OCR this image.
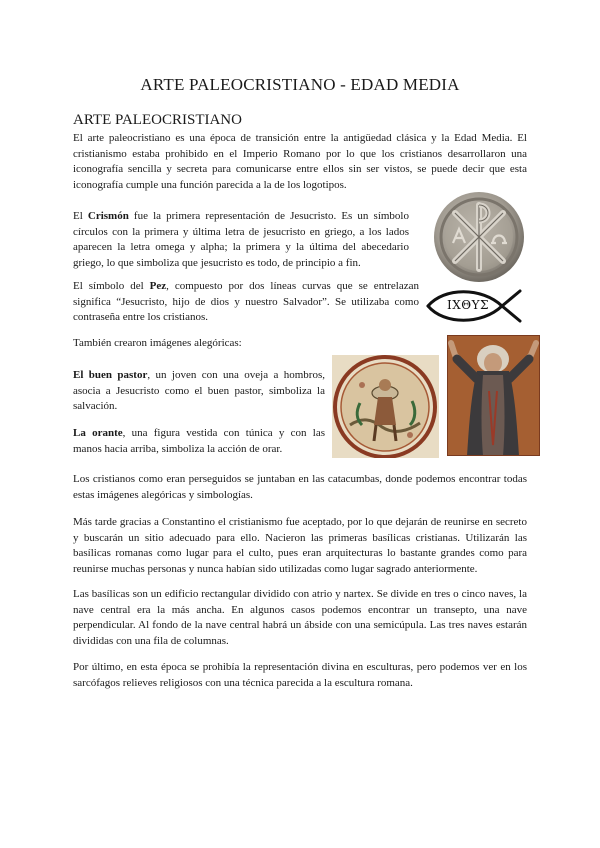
ARTE PALEOCRISTIANO - EDAD MEDIA
ARTE PALEOCRISTIANO

El arte paleocristiano es una época de transición entre la antigüedad clásica y la Edad Media. El cristianismo estaba prohibido en el Imperio Romano por lo que los cristianos desarrollaron una iconografía sencilla y secreta para comunicarse entre ellos sin ser vistos, se puede decir que esta iconografía cumple una función parecida a la de los logotipos.

El Crismón fue la primera representación de Jesucristo. Es un símbolo círculos con la primera y última letra de jesucristo en griego, a los lados aparecen la letra omega y alpha; la primera y la última del abecedario griego, lo que simboliza que jesucristo es todo, de principio a fin.

El símbolo del Pez, compuesto por dos líneas curvas que se entrelazan significa “Jesucristo, hijo de dios y nuestro Salvador”. Se utilizaba como contraseña entre los cristianos.

También crearon imágenes alegóricas:

El buen pastor, un joven con una oveja a hombros, asocia a Jesucristo como el buen pastor, simboliza la salvación.

La orante, una figura vestida con túnica y con las manos hacia arriba, simboliza la acción de orar.

Los cristianos como eran perseguidos se juntaban en las catacumbas, donde podemos encontrar todas estas imágenes alegóricas y simbologías.

Más tarde gracias a Constantino el cristianismo fue aceptado, por lo que dejarán de reunirse en secreto y buscarán un sitio adecuado para ello. Nacieron las primeras basílicas cristianas. Utilizarán las basílicas romanas como lugar para el culto, pues eran arquitecturas lo bastante grandes como para reunirse muchas personas y nunca habían sido utilizadas como lugar sagrado anteriormente.

Las basílicas son un edificio rectangular dividido con atrio y nartex. Se divide en tres o cinco naves, la nave central era la más ancha. En algunos casos podemos encontrar un transepto, una nave perpendicular. Al fondo de la nave central habrá un ábside con una semicúpula. Las tres naves estarán divididas con una fila de columnas.

Por último, en esta época se prohibía la representación divina en esculturas, pero podemos ver en los sarcófagos relieves religiosos con una técnica parecida a la escultura romana.

ΙΧΘΥΣ
